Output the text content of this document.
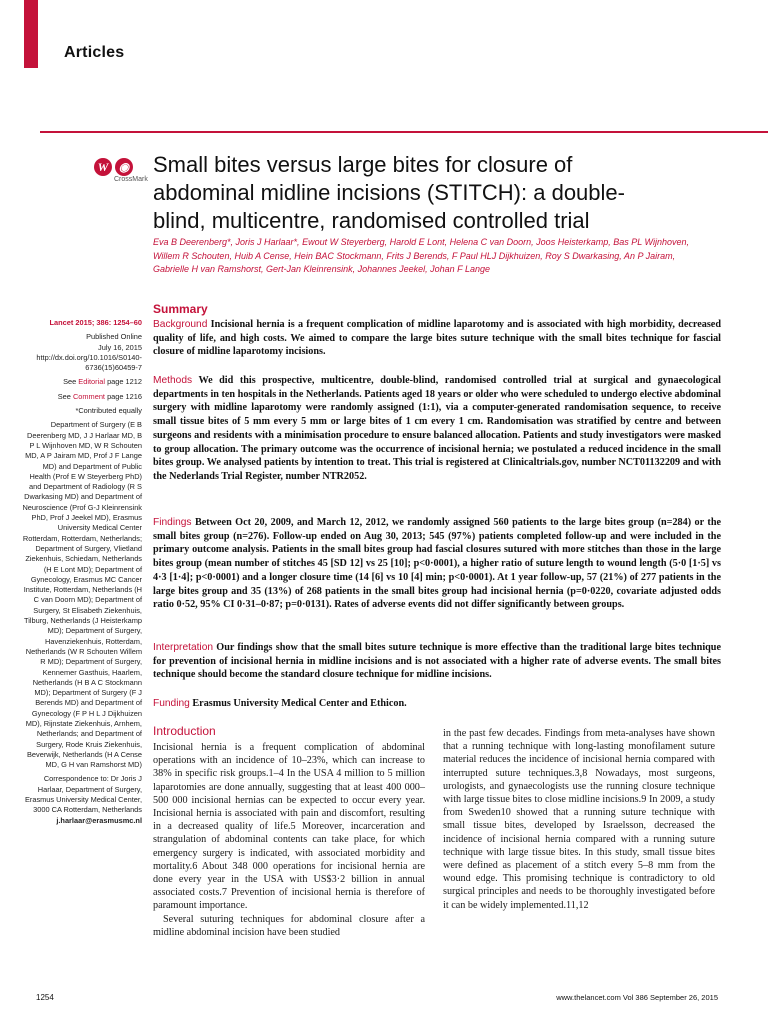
Articles
W ◉
CrossMark
Small bites versus large bites for closure of abdominal midline incisions (STITCH): a double-blind, multicentre, randomised controlled trial
Eva B Deerenberg*, Joris J Harlaar*, Ewout W Steyerberg, Harold E Lont, Helena C van Doorn, Joos Heisterkamp, Bas PL Wijnhoven, Willem R Schouten, Huib A Cense, Hein BAC Stockmann, Frits J Berends, F Paul HLJ Dijkhuizen, Roy S Dwarkasing, An P Jairam, Gabrielle H van Ramshorst, Gert-Jan Kleinrensink, Johannes Jeekel, Johan F Lange
Lancet 2015; 386: 1254–60
Published Online
July 16, 2015
http://dx.doi.org/10.1016/S0140-6736(15)60459-7
See Editorial page 1212
See Comment page 1216
*Contributed equally
Department of Surgery (E B Deerenberg MD, J J Harlaar MD, B P L Wijnhoven MD, W R Schouten MD, A P Jairam MD, Prof J F Lange MD) and Department of Public Health (Prof E W Steyerberg PhD) and Department of Radiology (R S Dwarkasing MD) and Department of Neuroscience (Prof G-J Kleinrensink PhD, Prof J Jeekel MD), Erasmus University Medical Center Rotterdam, Rotterdam, Netherlands; Department of Surgery, Vlietland Ziekenhuis, Schiedam, Netherlands (H E Lont MD); Department of Gynecology, Erasmus MC Cancer Institute, Rotterdam, Netherlands (H C van Doorn MD); Department of Surgery, St Elisabeth Ziekenhuis, Tilburg, Netherlands (J Heisterkamp MD); Department of Surgery, Havenziekenhuis, Rotterdam, Netherlands (W R Schouten Willem R MD); Department of Surgery, Kennemer Gasthuis, Haarlem, Netherlands (H B A C Stockmann MD); Department of Surgery (F J Berends MD) and Department of Gynecology (F P H L J Dijkhuizen MD), Rijnstate Ziekenhuis, Arnhem, Netherlands; and Department of Surgery, Rode Kruis Ziekenhuis, Beverwijk, Netherlands (H A Cense MD, G H van Ramshorst MD)
Correspondence to: Dr Joris J Harlaar, Department of Surgery, Erasmus University Medical Center, 3000 CA Rotterdam, Netherlands
j.harlaar@erasmusmc.nl
Summary
Background Incisional hernia is a frequent complication of midline laparotomy and is associated with high morbidity, decreased quality of life, and high costs. We aimed to compare the large bites suture technique with the small bites technique for fascial closure of midline laparotomy incisions.
Methods We did this prospective, multicentre, double-blind, randomised controlled trial at surgical and gynaecological departments in ten hospitals in the Netherlands. Patients aged 18 years or older who were scheduled to undergo elective abdominal surgery with midline laparotomy were randomly assigned (1:1), via a computer-generated randomisation sequence, to receive small tissue bites of 5 mm every 5 mm or large bites of 1 cm every 1 cm. Randomisation was stratified by centre and between surgeons and residents with a minimisation procedure to ensure balanced allocation. Patients and study investigators were masked to group allocation. The primary outcome was the occurrence of incisional hernia; we postulated a reduced incidence in the small bites group. We analysed patients by intention to treat. This trial is registered at Clinicaltrials.gov, number NCT01132209 and with the Nederlands Trial Register, number NTR2052.
Findings Between Oct 20, 2009, and March 12, 2012, we randomly assigned 560 patients to the large bites group (n=284) or the small bites group (n=276). Follow-up ended on Aug 30, 2013; 545 (97%) patients completed follow-up and were included in the primary outcome analysis. Patients in the small bites group had fascial closures sutured with more stitches than those in the large bites group (mean number of stitches 45 [SD 12] vs 25 [10]; p<0·0001), a higher ratio of suture length to wound length (5·0 [1·5] vs 4·3 [1·4]; p<0·0001) and a longer closure time (14 [6] vs 10 [4] min; p<0·0001). At 1 year follow-up, 57 (21%) of 277 patients in the large bites group and 35 (13%) of 268 patients in the small bites group had incisional hernia (p=0·0220, covariate adjusted odds ratio 0·52, 95% CI 0·31–0·87; p=0·0131). Rates of adverse events did not differ significantly between groups.
Interpretation Our findings show that the small bites suture technique is more effective than the traditional large bites technique for prevention of incisional hernia in midline incisions and is not associated with a higher rate of adverse events. The small bites technique should become the standard closure technique for midline incisions.
Funding Erasmus University Medical Center and Ethicon.
Introduction

Incisional hernia is a frequent complication of abdominal operations with an incidence of 10–23%, which can increase to 38% in specific risk groups.1–4 In the USA 4 million to 5 million laparotomies are done annually, suggesting that at least 400 000–500 000 incisional hernias can be expected to occur every year. Incisional hernia is associated with pain and discomfort, resulting in a decreased quality of life.5 Moreover, incarceration and strangulation of abdominal contents can take place, for which emergency surgery is indicated, with associated morbidity and mortality.6 About 348 000 operations for incisional hernia are done every year in the USA with US$3·2 billion in annual associated costs.7 Prevention of incisional hernia is therefore of paramount importance.

Several suturing techniques for abdominal closure after a midline abdominal incision have been studied

in the past few decades. Findings from meta-analyses have shown that a running technique with long-lasting monofilament suture material reduces the incidence of incisional hernia compared with interrupted suture techniques.3,8 Nowadays, most surgeons, urologists, and gynaecologists use the running closure technique with large tissue bites to close midline incisions.9 In 2009, a study from Sweden10 showed that a running suture technique with small tissue bites, developed by Israelsson, decreased the incidence of incisional hernia compared with a running suture technique with large tissue bites. In this study, small tissue bites were defined as placement of a stitch every 5–8 mm from the wound edge. This promising technique is contradictory to old surgical principles and needs to be thoroughly investigated before it can be widely implemented.11,12

1254	www.thelancet.com Vol 386 September 26, 2015
